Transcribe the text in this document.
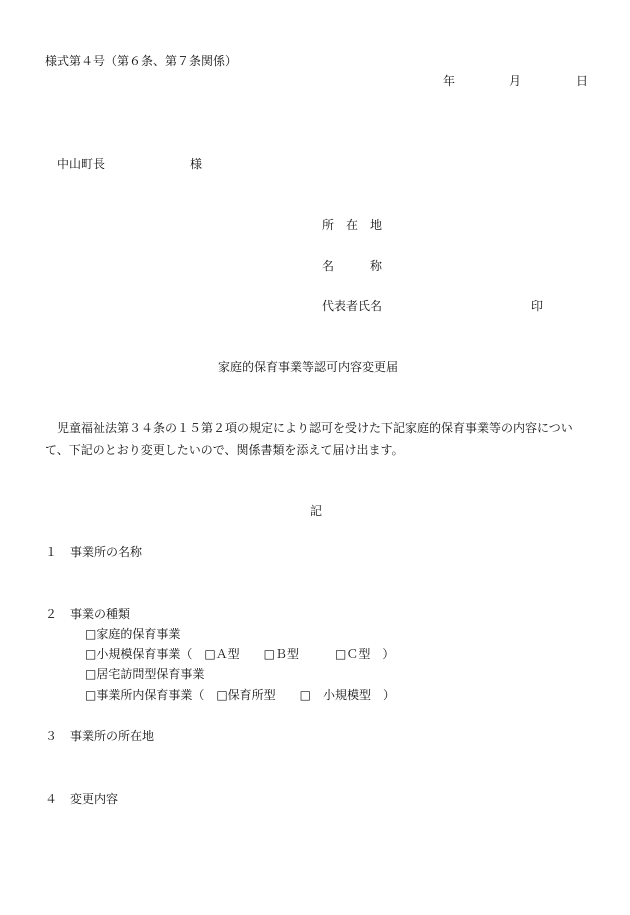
様式第４号（第６条、第７条関係）
年	月	日
中山町長	様
所　在　地
名　　　称
代表者氏名	印
家庭的保育事業等認可内容変更届
児童福祉法第３４条の１５第２項の規定により認可を受けた下記家庭的保育事業等の内容について、下記のとおり変更したいので、関係書類を添えて届け出ます。
記
１ 事業所の名称
２ 事業の種類
□家庭的保育事業
□小規模保育事業（　□Ａ型　　□Ｂ型　　　□Ｃ型　）
□居宅訪問型保育事業
□事業所内保育事業（　□保育所型　　□　小規模型　）
３ 事業所の所在地
４ 変更内容
